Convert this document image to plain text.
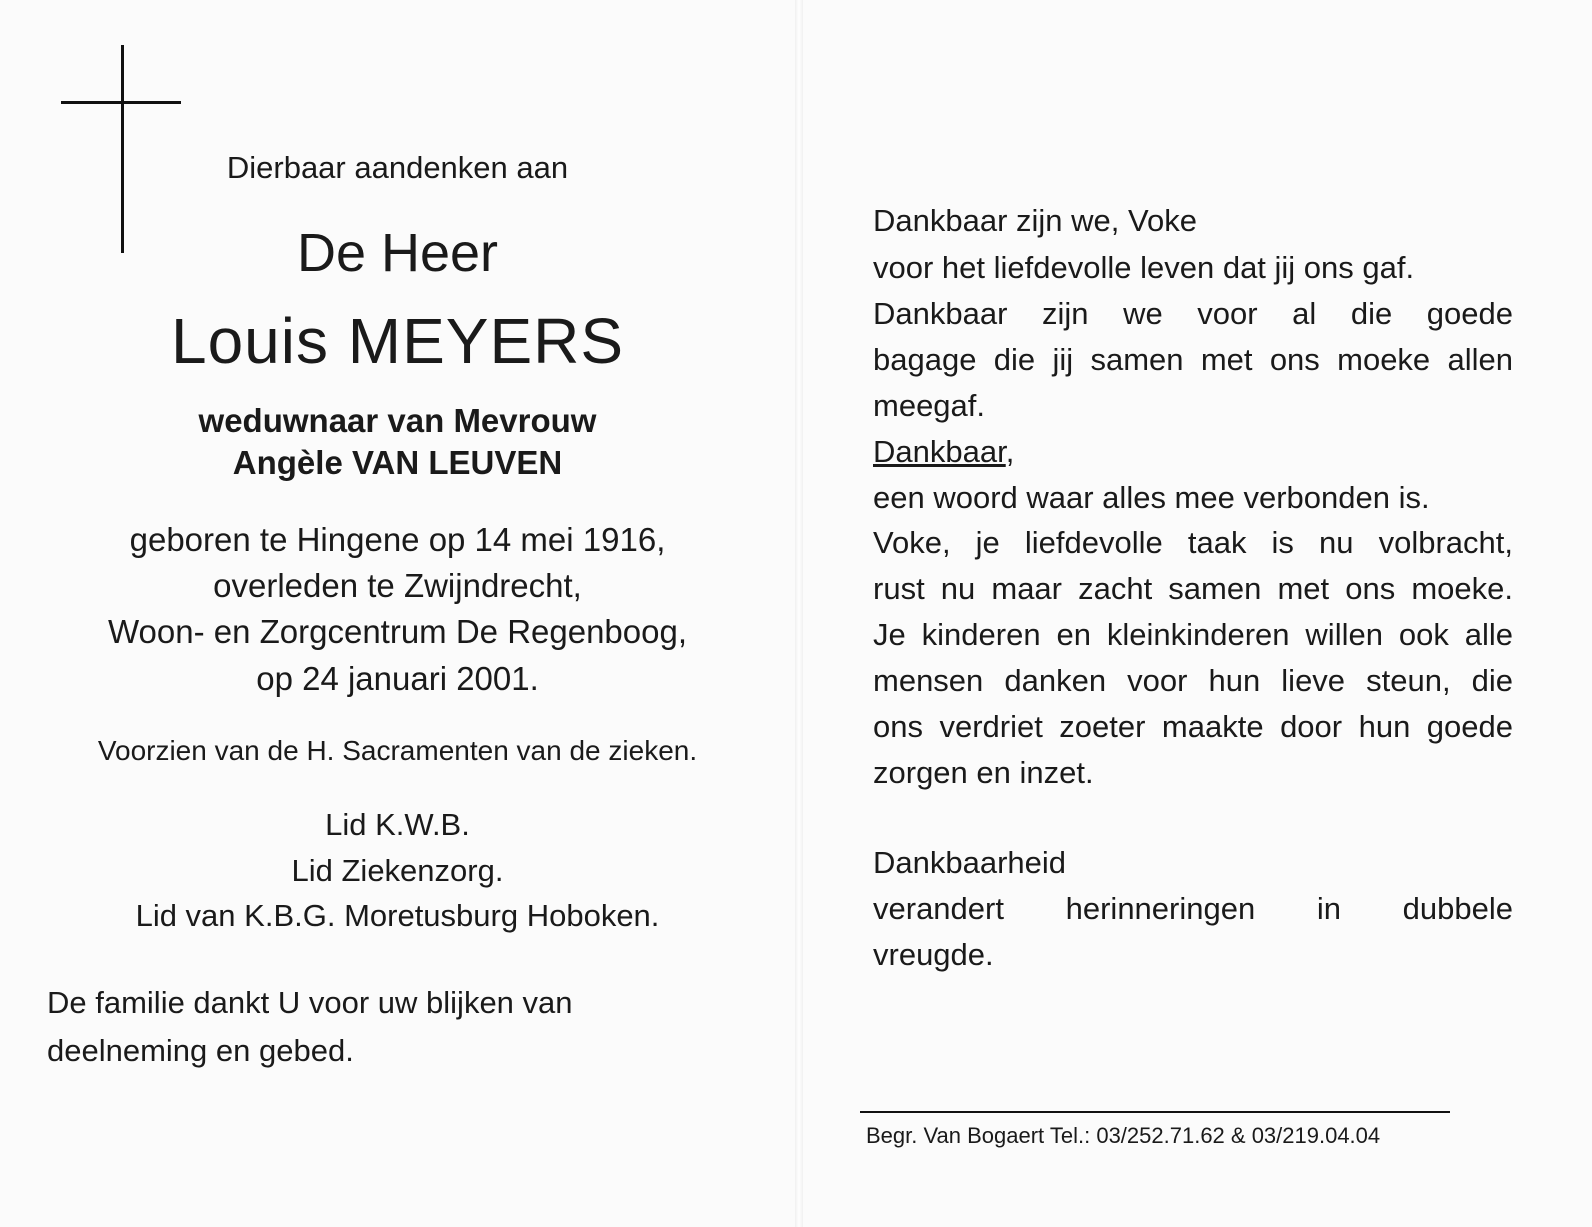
Dierbaar aandenken aan
De Heer
Louis MEYERS
weduwnaar van Mevrouw
Angèle VAN LEUVEN
geboren te Hingene op 14 mei 1916,
overleden te Zwijndrecht,
Woon- en Zorgcentrum De Regenboog,
op 24 januari 2001.
Voorzien van de H. Sacramenten van de zieken.
Lid K.W.B.
Lid Ziekenzorg.
Lid van K.B.G. Moretusburg Hoboken.
De familie dankt U voor uw blijken van
deelneming en gebed.
Dankbaar zijn we, Voke
voor het liefdevolle leven dat jij ons gaf.
Dankbaar zijn we voor al die goede
bagage die jij samen met ons moeke allen
meegaf.
Dankbaar,
een woord waar alles mee verbonden is.
Voke, je liefdevolle taak is nu volbracht,
rust nu maar zacht samen met ons moeke.
Je kinderen en kleinkinderen willen ook alle
mensen danken voor hun lieve steun, die
ons verdriet zoeter maakte door hun goede
zorgen en inzet.
Dankbaarheid
verandert herinneringen in dubbele
vreugde.
Begr. Van Bogaert Tel.: 03/252.71.62 & 03/219.04.04
